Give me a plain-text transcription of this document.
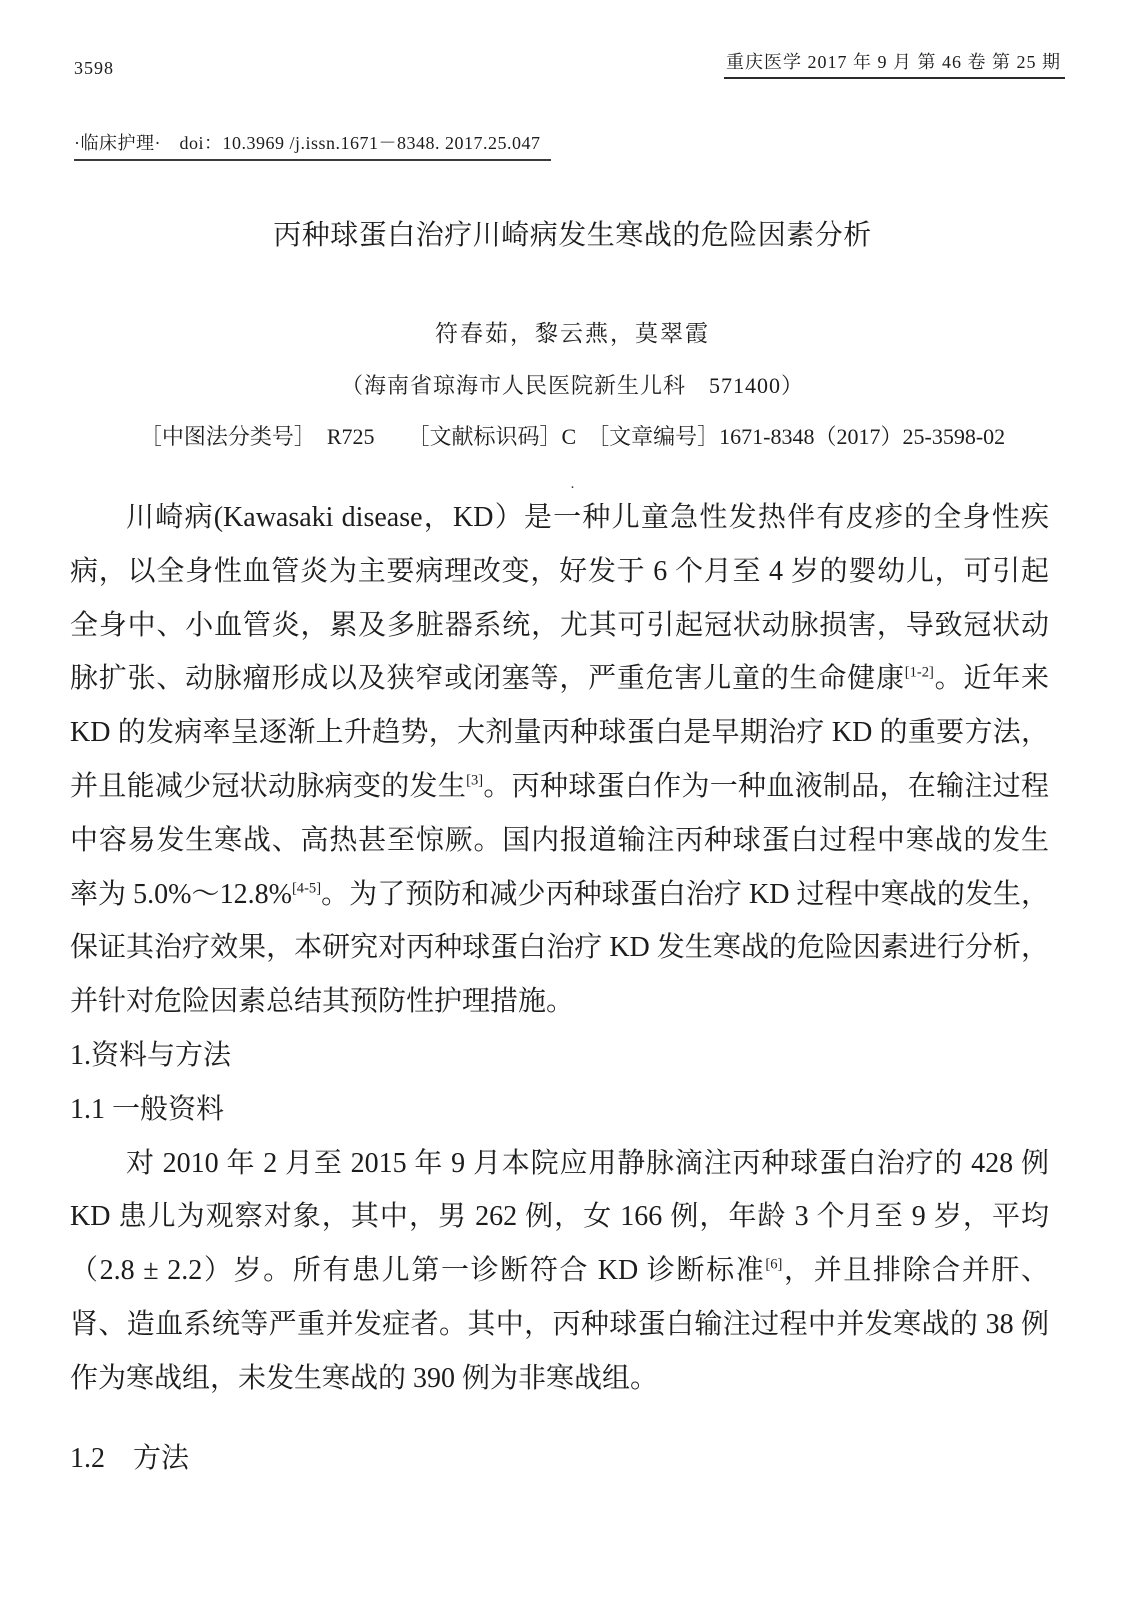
3598	重庆医学 2017 年 9 月 第 46 卷 第 25 期
·临床护理·　doi：10.3969 /j.issn.1671－8348. 2017.25.047
丙种球蛋白治疗川崎病发生寒战的危险因素分析
符春茹，黎云燕，莫翠霞
（海南省琼海市人民医院新生儿科　571400）
［中图法分类号］　R725　　［文献标识码］C　［文章编号］1671-8348（2017）25-3598-02
.

川崎病(Kawasaki disease，KD）是一种儿童急性发热伴有皮疹的全身性疾病，以全身性血管炎为主要病理改变，好发于 6 个月至 4 岁的婴幼儿，可引起全身中、小血管炎，累及多脏器系统，尤其可引起冠状动脉损害，导致冠状动脉扩张、动脉瘤形成以及狭窄或闭塞等，严重危害儿童的生命健康[1-2]。近年来 KD 的发病率呈逐渐上升趋势，大剂量丙种球蛋白是早期治疗 KD 的重要方法，并且能减少冠状动脉病变的发生[3]。丙种球蛋白作为一种血液制品，在输注过程中容易发生寒战、高热甚至惊厥。国内报道输注丙种球蛋白过程中寒战的发生率为 5.0%～12.8%[4-5]。为了预防和减少丙种球蛋白治疗 KD 过程中寒战的发生，保证其治疗效果，本研究对丙种球蛋白治疗 KD 发生寒战的危险因素进行分析，并针对危险因素总结其预防性护理措施。

1.资料与方法

1.1 一般资料

对 2010 年 2 月至 2015 年 9 月本院应用静脉滴注丙种球蛋白治疗的 428 例 KD 患儿为观察对象，其中，男 262 例，女 166 例，年龄 3 个月至 9 岁，平均（2.8 ± 2.2）岁。所有患儿第一诊断符合 KD 诊断标准[6]，并且排除合并肝、肾、造血系统等严重并发症者。其中，丙种球蛋白输注过程中并发寒战的 38 例作为寒战组，未发生寒战的 390 例为非寒战组。

1.2　方法
